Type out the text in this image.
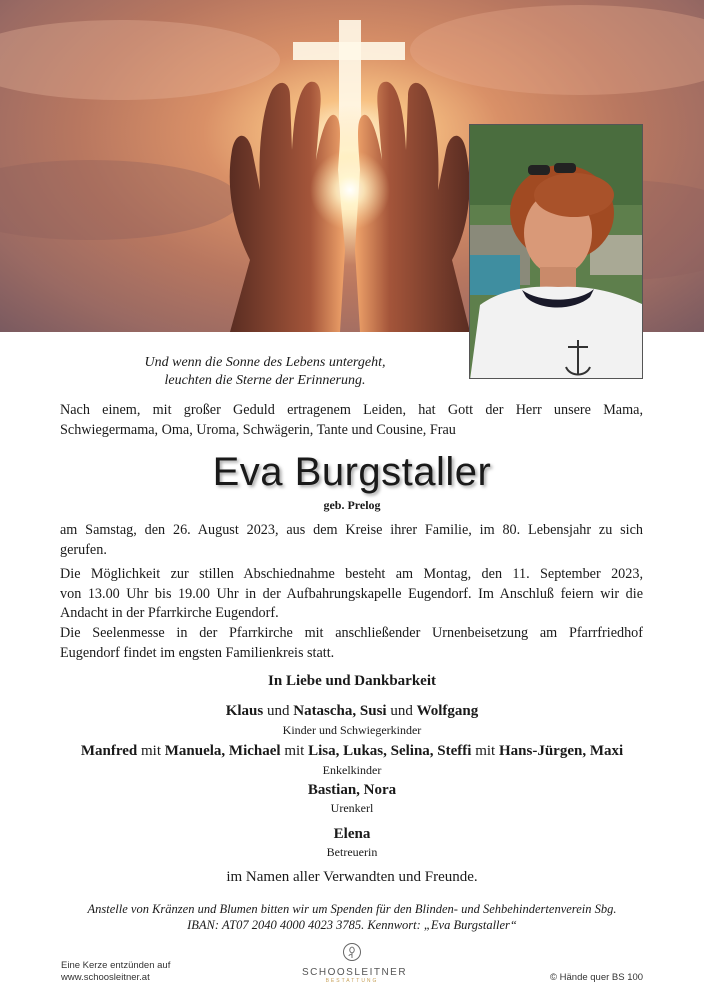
Und wenn die Sonne des Lebens untergeht,
leuchten die Sterne der Erinnerung.
Nach einem, mit großer Geduld ertragenem Leiden, hat Gott der Herr unsere Mama,
Schwiegermama, Oma, Uroma, Schwägerin, Tante und Cousine, Frau
Eva Burgstaller
geb. Prelog
am Samstag, den 26. August 2023, aus dem Kreise ihrer Familie, im 80. Lebensjahr zu sich
gerufen.
Die Möglichkeit zur stillen Abschiednahme besteht am Montag, den 11. September 2023,
von 13.00 Uhr bis 19.00 Uhr in der Aufbahrungskapelle Eugendorf. Im Anschluß feiern wir die
Andacht in der Pfarrkirche Eugendorf.
Die Seelenmesse in der Pfarrkirche mit anschließender Urnenbeisetzung am Pfarrfriedhof
Eugendorf findet im engsten Familienkreis statt.
In Liebe und Dankbarkeit
Klaus und Natascha, Susi und Wolfgang
Kinder und Schwiegerkinder
Manfred mit Manuela, Michael mit Lisa, Lukas, Selina, Steffi mit Hans-Jürgen, Maxi
Enkelkinder
Bastian, Nora
Urenkerl
Elena
Betreuerin
im Namen aller Verwandten und Freunde.
Anstelle von Kränzen und Blumen bitten wir um Spenden für den Blinden- und Sehbehindertenverein Sbg.
IBAN: AT07 2040 4000 4023 3785. Kennwort: „Eva Burgstaller“
Eine Kerze entzünden auf
www.schoosleitner.at	SCHOOSLEITNER
BESTATTUNG	© Hände quer BS 100
